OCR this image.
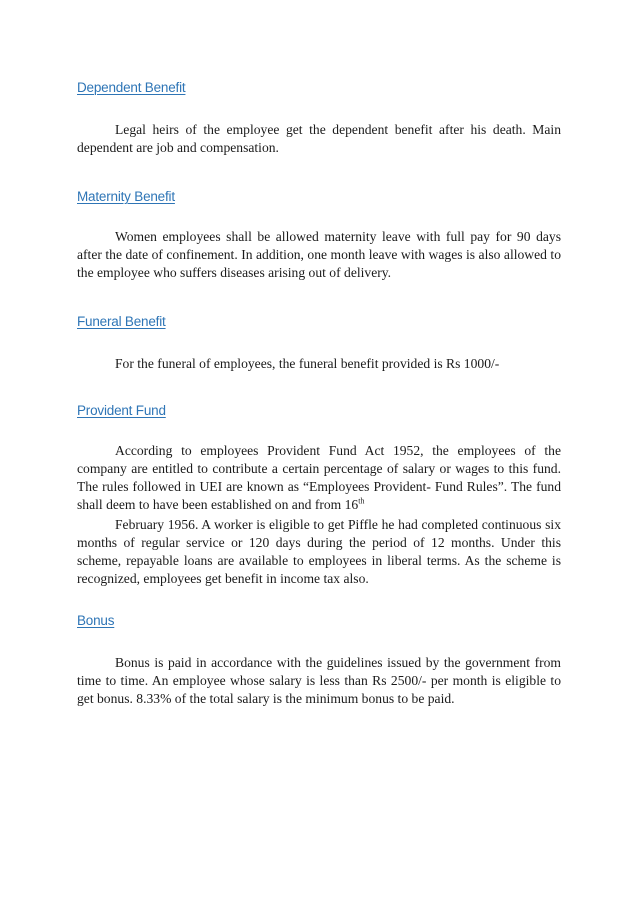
Dependent Benefit

Legal heirs of the employee get the dependent benefit after his death. Main dependent are job and compensation.

Maternity Benefit

Women employees shall be allowed maternity leave with full pay for 90 days after the date of confinement. In addition, one month leave with wages is also allowed to the employee who suffers diseases arising out of delivery.

Funeral Benefit

For the funeral of employees, the funeral benefit provided is Rs 1000/-

Provident Fund

According to employees Provident Fund Act 1952, the employees of the company are entitled to contribute a certain percentage of salary or wages to this fund. The rules followed in UEI are known as “Employees Provident- Fund Rules”. The fund shall deem to have been established on and from 16th

February 1956. A worker is eligible to get Piffle he had completed continuous six months of regular service or 120 days during the period of 12 months. Under this scheme, repayable loans are available to employees in liberal terms. As the scheme is recognized, employees get benefit in income tax also.

Bonus

Bonus is paid in accordance with the guidelines issued by the government from time to time. An employee whose salary is less than Rs 2500/- per month is eligible to get bonus. 8.33% of the total salary is the minimum bonus to be paid.
